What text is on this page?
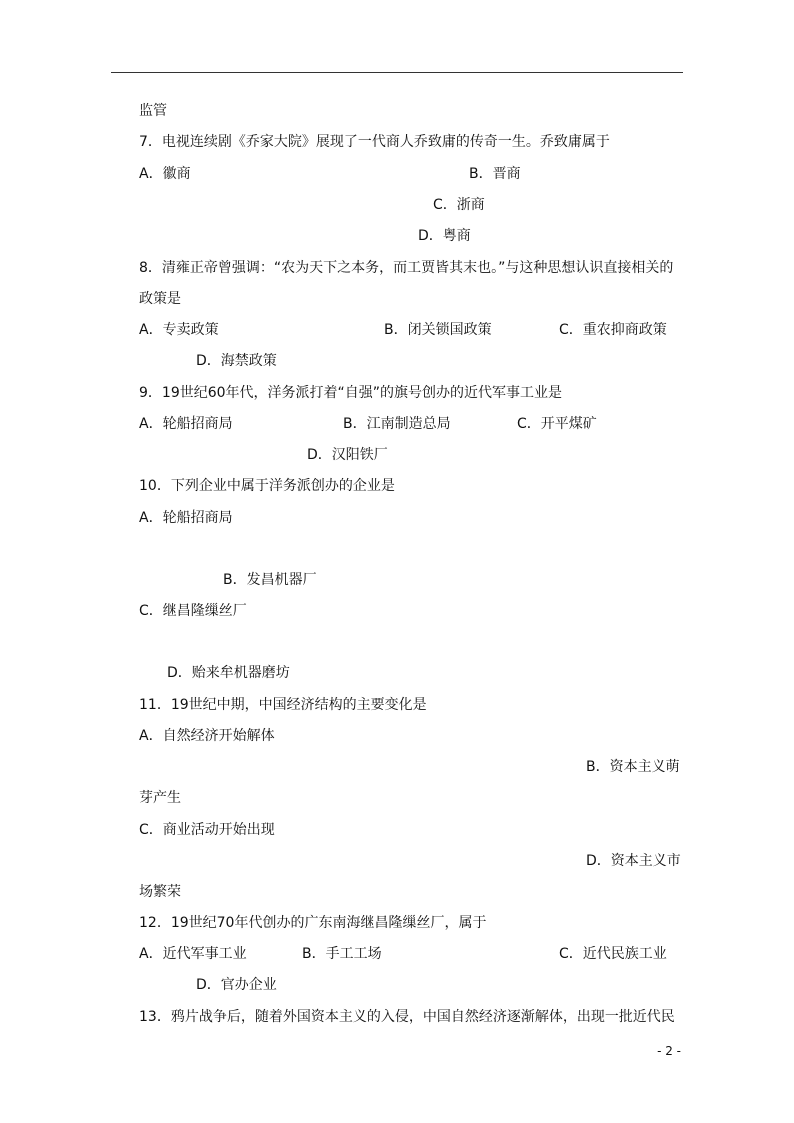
监管
7．电视连续剧《乔家大院》展现了一代商人乔致庸的传奇一生。乔致庸属于
A．徽商	B．晋商
C．浙商
D．粤商
8．清雍正帝曾强调：“农为天下之本务，而工贾皆其末也。”与这种思想认识直接相关的
政策是
A．专卖政策	B．闭关锁国政策	C．重农抑商政策
D．海禁政策
9．19世纪60年代，洋务派打着“自强”的旗号创办的近代军事工业是
A．轮船招商局	B．江南制造总局	C．开平煤矿
D．汉阳铁厂
10．下列企业中属于洋务派创办的企业是
A．轮船招商局
B．发昌机器厂
C．继昌隆缫丝厂
D．贻来牟机器磨坊
11．19世纪中期，中国经济结构的主要变化是
A．自然经济开始解体
B．资本主义萌
芽产生
C．商业活动开始出现
D．资本主义市
场繁荣
12．19世纪70年代创办的广东南海继昌隆缫丝厂，属于
A．近代军事工业	B．手工工场	C．近代民族工业
D．官办企业
13．鸦片战争后，随着外国资本主义的入侵，中国自然经济逐渐解体，出现一批近代民
- 2 -
